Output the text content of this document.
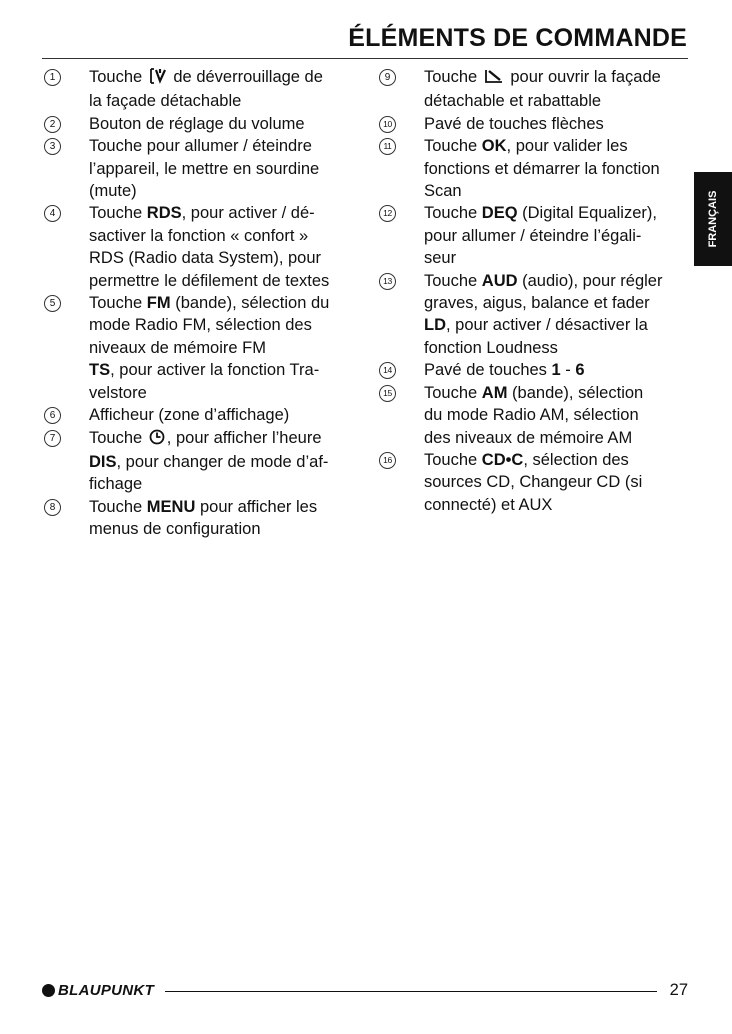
ÉLÉMENTS DE COMMANDE
FRANÇAIS

1	Touche  de déverrouillage de
la façade détachable

2	Bouton de réglage du volume

3	Touche pour allumer / éteindre
l’appareil, le mettre en sourdine
(mute)

4	Touche RDS, pour activer / dé-
sactiver la fonction « confort »
RDS (Radio data System), pour
permettre le défilement de textes

5	Touche FM (bande), sélection du
mode Radio FM, sélection des
niveaux de mémoire FM
TS, pour activer la fonction Tra-
velstore

6	Afficheur (zone d’affichage)

7	Touche , pour afficher l’heure
DIS, pour changer de mode d’af-
fichage

8	Touche MENU pour afficher les
menus de configuration

9	Touche  pour ouvrir la façade
détachable et rabattable

10 Pavé de touches flèches

11 Touche OK, pour valider les
fonctions et démarrer la fonction
Scan

12 Touche DEQ (Digital Equalizer),
pour allumer / éteindre l’égali-
seur

13 Touche AUD (audio), pour régler
graves, aigus, balance et fader
LD, pour activer / désactiver la
fonction Loudness

14 Pavé de touches 1 - 6

15 Touche AM (bande), sélection
du mode Radio AM, sélection
des niveaux de mémoire AM

16 Touche CD•C, sélection des
sources CD, Changeur CD (si
connecté) et AUX

BLAUPUNKT	27
